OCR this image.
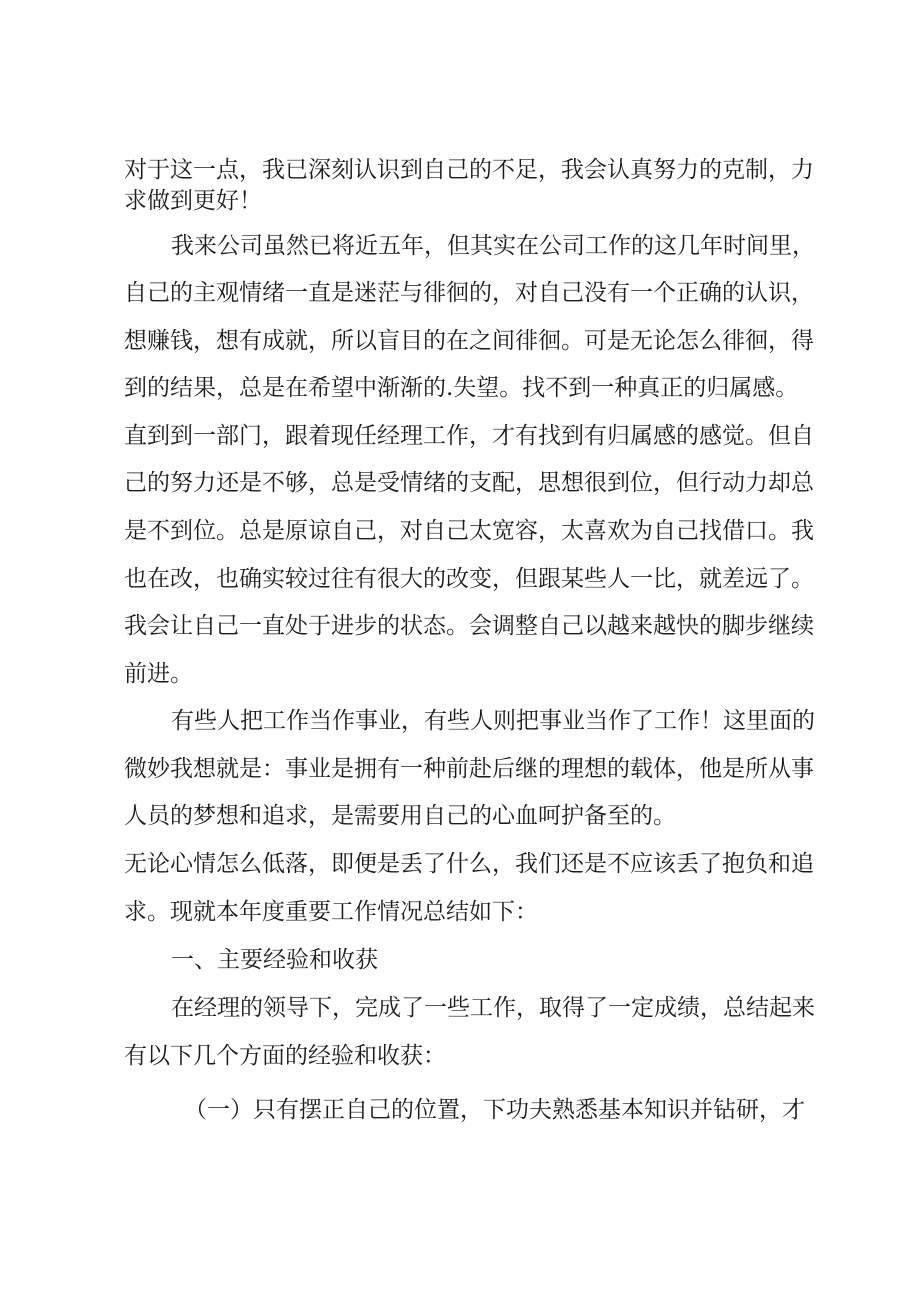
对于这一点，我已深刻认识到自己的不足，我会认真努力的克制，力
求做到更好！
我来公司虽然已将近五年，但其实在公司工作的这几年时间里，
自己的主观情绪一直是迷茫与徘徊的，对自己没有一个正确的认识，
想赚钱，想有成就，所以盲目的在之间徘徊。可是无论怎么徘徊，得
到的结果，总是在希望中渐渐的.失望。找不到一种真正的归属感。
直到到一部门，跟着现任经理工作，才有找到有归属感的感觉。但自
己的努力还是不够，总是受情绪的支配，思想很到位，但行动力却总
是不到位。总是原谅自己，对自己太宽容，太喜欢为自己找借口。我
也在改，也确实较过往有很大的改变，但跟某些人一比，就差远了。
我会让自己一直处于进步的状态。会调整自己以越来越快的脚步继续
前进。
有些人把工作当作事业，有些人则把事业当作了工作！这里面的
微妙我想就是：事业是拥有一种前赴后继的理想的载体，他是所从事
人员的梦想和追求，是需要用自己的心血呵护备至的。
无论心情怎么低落，即便是丢了什么，我们还是不应该丢了抱负和追
求。现就本年度重要工作情况总结如下：
一、主要经验和收获
在经理的领导下，完成了一些工作，取得了一定成绩，总结起来
有以下几个方面的经验和收获：
（一）只有摆正自己的位置，下功夫熟悉基本知识并钻研，才
